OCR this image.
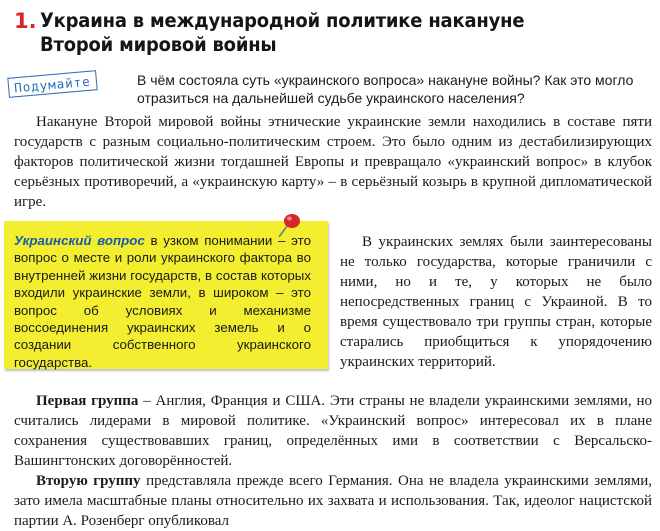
1. Украина в международной политике накануне Второй мировой войны
Подумайте	В чём состояла суть «украинского вопроса» накануне войны? Как это могло отразиться на дальнейшей судьбе украинского населения?
Накануне Второй мировой войны этнические украинские земли находились в составе пяти государств с разным социально-политическим строем. Это было одним из дестабилизирующих факторов политической жизни тогдашней Европы и превращало «украинский вопрос» в клубок серьёзных противоречий, а «украинскую карту» – в серьёзный козырь в крупной дипломатической игре.
Украинский вопрос в узком понимании – это вопрос о месте и роли украинского фактора во внутренней жизни государств, в состав которых входили украинские земли, в широком – это вопрос об условиях и механизме воссоединения украинских земель и о создании собственного украинского государства.
В украинских землях были заинтересованы не только государства, которые граничили с ними, но и те, у которых не было непосредственных границ с Украиной. В то время существовало три группы стран, которые старались приобщиться к упорядочению украинских территорий.
Первая группа – Англия, Франция и США. Эти страны не владели украинскими землями, но считались лидерами в мировой политике. «Украинский вопрос» интересовал их в плане сохранения существовавших границ, определённых ими в соответствии с Версальско-Вашингтонских договорённостей.
Вторую группу представляла прежде всего Германия. Она не владела украинскими землями, зато имела масштабные планы относительно их захвата и использования. Так, идеолог нацистской партии А. Розенберг опубликовал
